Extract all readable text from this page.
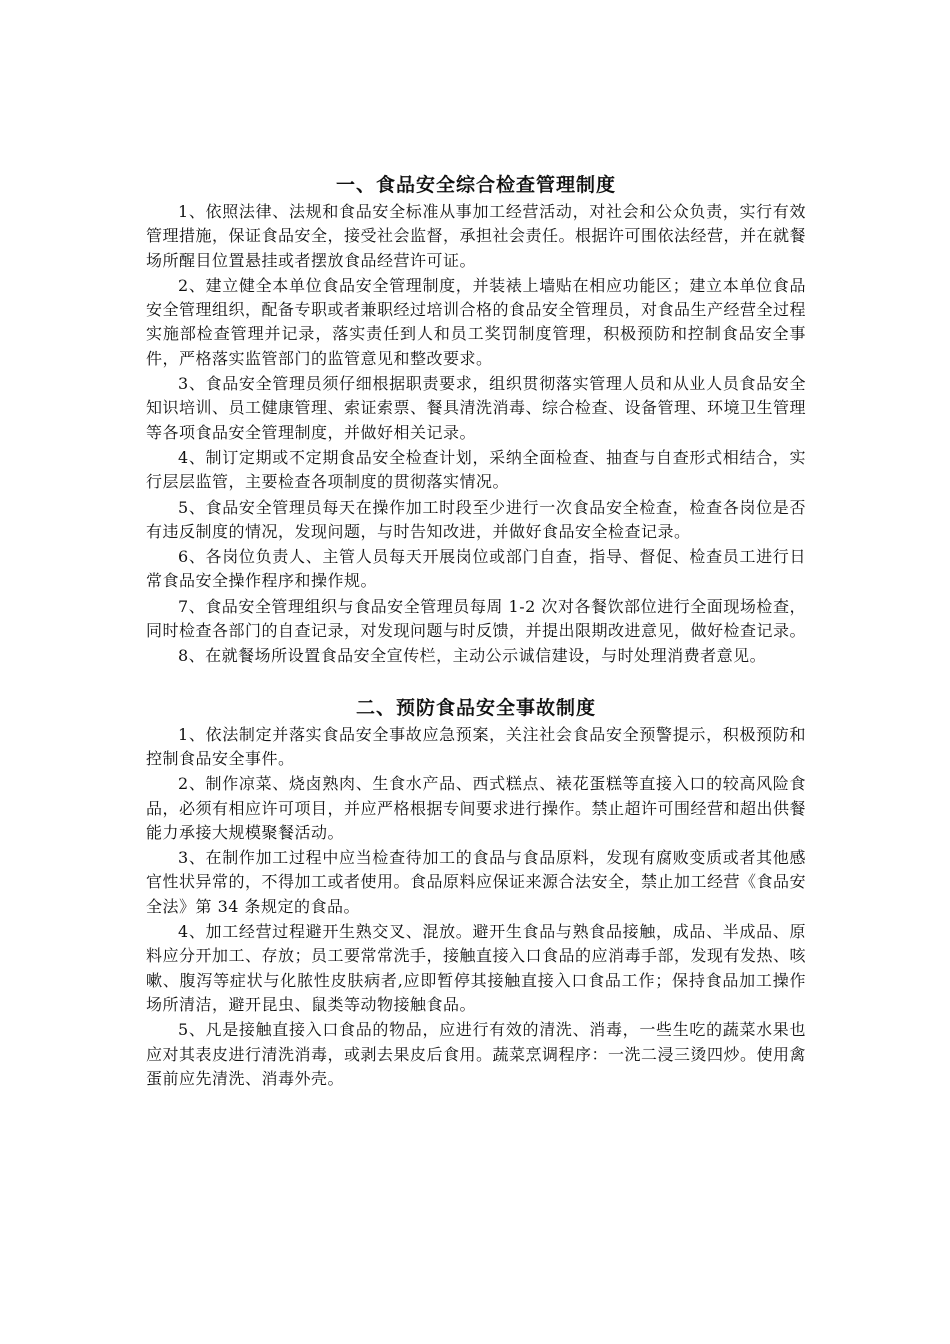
一、食品安全综合检查管理制度

1、依照法律、法规和食品安全标准从事加工经营活动，对社会和公众负责，实行有效管理措施，保证食品安全，接受社会监督，承担社会责任。根据许可围依法经营，并在就餐场所醒目位置悬挂或者摆放食品经营许可证。

2、建立健全本单位食品安全管理制度，并装裱上墙贴在相应功能区；建立本单位食品安全管理组织，配备专职或者兼职经过培训合格的食品安全管理员，对食品生产经营全过程实施部检查管理并记录，落实责任到人和员工奖罚制度管理，积极预防和控制食品安全事件，严格落实监管部门的监管意见和整改要求。

3、食品安全管理员须仔细根据职责要求，组织贯彻落实管理人员和从业人员食品安全知识培训、员工健康管理、索证索票、餐具清洗消毒、综合检查、设备管理、环境卫生管理等各项食品安全管理制度，并做好相关记录。

4、制订定期或不定期食品安全检查计划，采纳全面检查、抽查与自查形式相结合，实行层层监管，主要检查各项制度的贯彻落实情况。

5、食品安全管理员每天在操作加工时段至少进行一次食品安全检查，检查各岗位是否有违反制度的情况，发现问题，与时告知改进，并做好食品安全检查记录。

6、各岗位负责人、主管人员每天开展岗位或部门自查，指导、督促、检查员工进行日常食品安全操作程序和操作规。

7、食品安全管理组织与食品安全管理员每周 1-2 次对各餐饮部位进行全面现场检查，同时检查各部门的自查记录，对发现问题与时反馈，并提出限期改进意见，做好检查记录。

8、在就餐场所设置食品安全宣传栏，主动公示诚信建设，与时处理消费者意见。

二、预防食品安全事故制度

1、依法制定并落实食品安全事故应急预案，关注社会食品安全预警提示，积极预防和控制食品安全事件。

2、制作凉菜、烧卤熟肉、生食水产品、西式糕点、裱花蛋糕等直接入口的较高风险食品，必须有相应许可项目，并应严格根据专间要求进行操作。禁止超许可围经营和超出供餐能力承接大规模聚餐活动。

3、在制作加工过程中应当检查待加工的食品与食品原料，发现有腐败变质或者其他感官性状异常的，不得加工或者使用。食品原料应保证来源合法安全，禁止加工经营《食品安全法》第 34 条规定的食品。

4、加工经营过程避开生熟交叉、混放。避开生食品与熟食品接触，成品、半成品、原料应分开加工、存放；员工要常常洗手，接触直接入口食品的应消毒手部，发现有发热、咳嗽、腹泻等症状与化脓性皮肤病者,应即暂停其接触直接入口食品工作；保持食品加工操作场所清洁，避开昆虫、鼠类等动物接触食品。

5、凡是接触直接入口食品的物品，应进行有效的清洗、消毒，一些生吃的蔬菜水果也应对其表皮进行清洗消毒，或剥去果皮后食用。蔬菜烹调程序：一洗二浸三烫四炒。使用禽蛋前应先清洗、消毒外壳。
